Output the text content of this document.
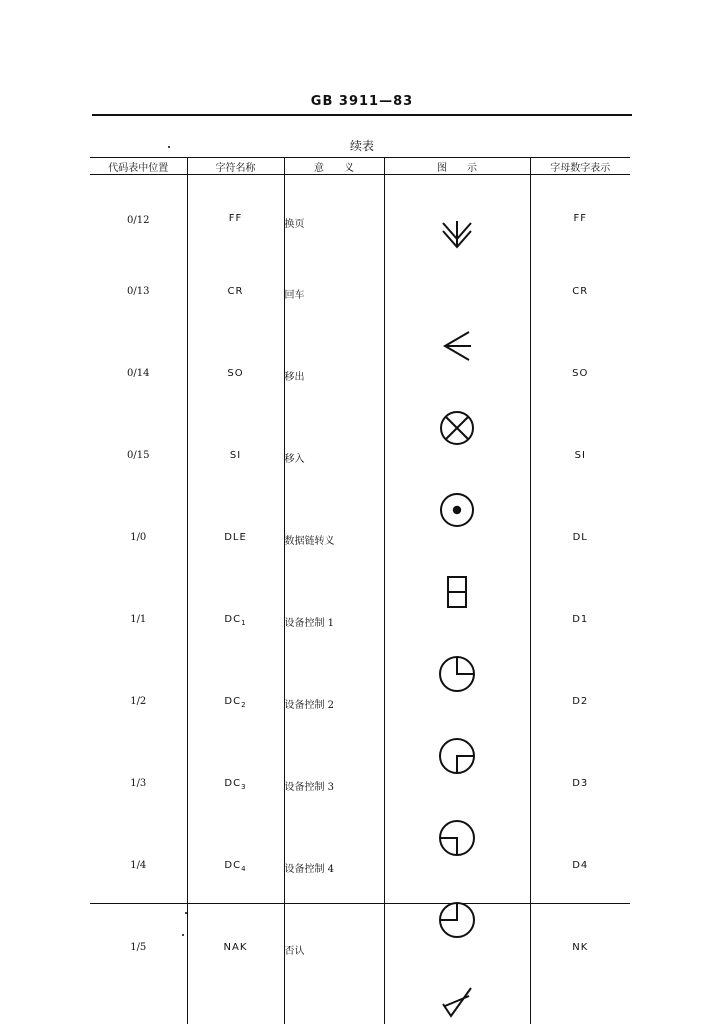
GB 3911—83
续表
代码表中位置	字符名称	意　　义	图　　示	字母数字表示
0/12	FF	换页		FF
0/13	CR	回车		CR
0/14	SO	移出		SO
0/15	SI	移入		SI
1/0	DLE	数据链转义		DL
1/1	$DC_1$	设备控制 1		D1
1/2	$DC_2$	设备控制 2		D2
1/3	$DC_3$	设备控制 3		D3
1/4	$DC_4$	设备控制 4		D4
1/5	NAK	否认		NK
